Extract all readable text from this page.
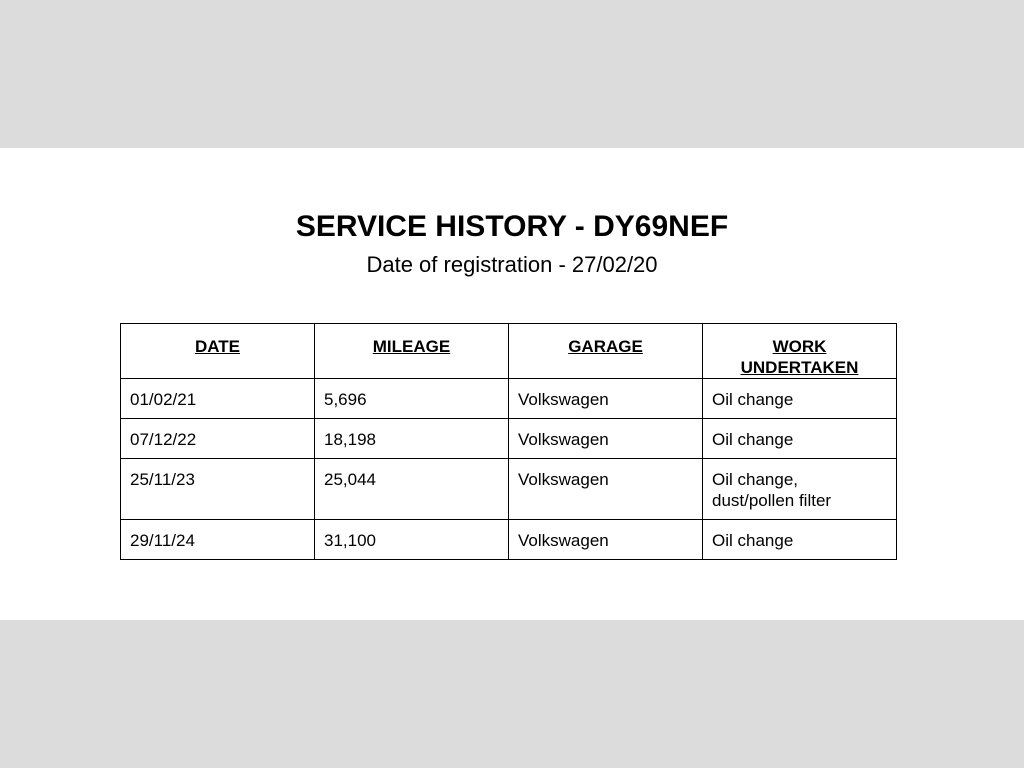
SERVICE HISTORY - DY69NEF
Date of registration - 27/02/20
DATE	MILEAGE	GARAGE	WORK
UNDERTAKEN
01/02/21	5,696	Volkswagen	Oil change
07/12/22	18,198	Volkswagen	Oil change
25/11/23	25,044	Volkswagen	Oil change,
dust/pollen filter
29/11/24	31,100	Volkswagen	Oil change
